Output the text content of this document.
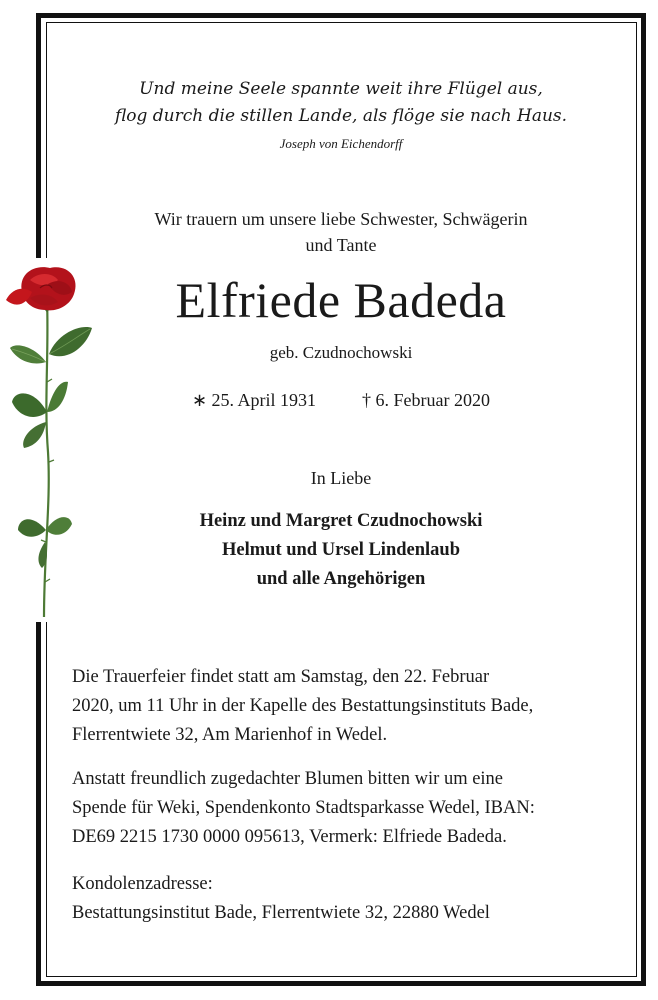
Und meine Seele spannte weit ihre Flügel aus,
flog durch die stillen Lande, als flöge sie nach Haus.
Joseph von Eichendorff
Wir trauern um unsere liebe Schwester, Schwägerin
und Tante
Elfriede Badeda
geb. Czudnochowski
∗ 25. April 1931	† 6. Februar 2020
In Liebe
Heinz und Margret Czudnochowski
Helmut und Ursel Lindenlaub
und alle Angehörigen
Die Trauerfeier findet statt am Samstag, den 22. Februar
2020, um 11 Uhr in der Kapelle des Bestattungsinstituts Bade,
Flerrentwiete 32, Am Marienhof in Wedel.
Anstatt freundlich zugedachter Blumen bitten wir um eine
Spende für Weki, Spendenkonto Stadtsparkasse Wedel, IBAN:
DE69 2215 1730 0000 095613, Vermerk: Elfriede Badeda.
Kondolenzadresse:
Bestattungsinstitut Bade, Flerrentwiete 32, 22880 Wedel
